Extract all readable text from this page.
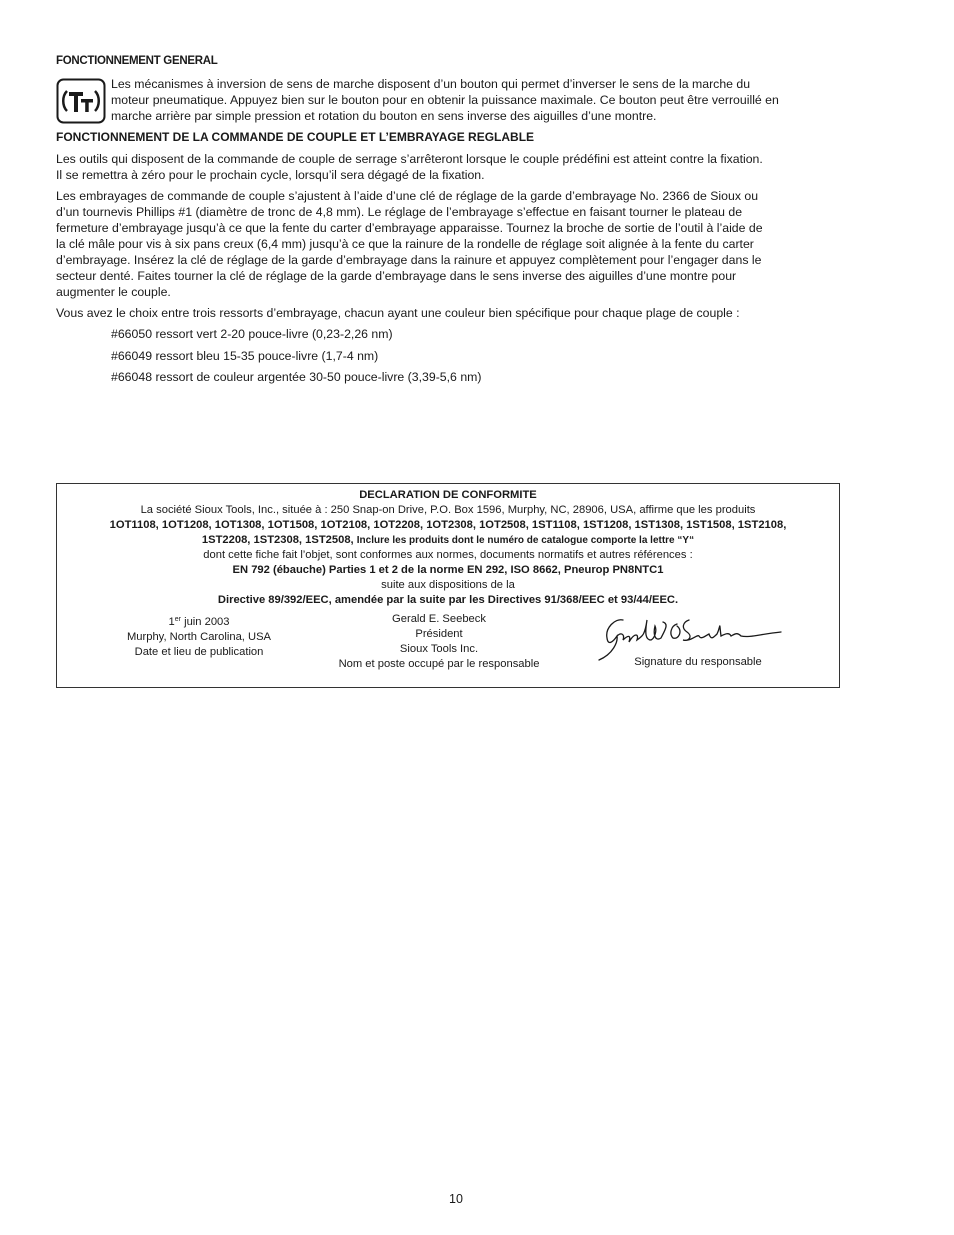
FONCTIONNEMENT GENERAL
Les mécanismes à inversion de sens de marche disposent d’un bouton qui permet d’inverser le sens de la marche du
moteur pneumatique. Appuyez bien sur le bouton pour en obtenir la puissance maximale. Ce bouton peut être verrouillé en
marche arrière par simple pression et rotation du bouton en sens inverse des aiguilles d’une montre.
FONCTIONNEMENT DE LA COMMANDE DE COUPLE ET L’EMBRAYAGE REGLABLE
Les outils qui disposent de la commande de couple de serrage s’arrêteront lorsque le couple prédéfini est atteint contre la fixation.
Il se remettra à zéro pour le prochain cycle, lorsqu’il sera dégagé de la fixation.
Les embrayages de commande de couple s’ajustent à l’aide d’une clé de réglage de la garde d’embrayage No. 2366 de Sioux ou
d’un tournevis Phillips #1 (diamètre de tronc de 4,8 mm). Le réglage de l’embrayage s’effectue en faisant tourner le plateau de
fermeture d’embrayage jusqu’à ce que la fente du carter d’embrayage apparaisse. Tournez la broche de sortie de l’outil à l’aide de
la clé mâle pour vis à six pans creux (6,4 mm) jusqu’à ce que la rainure de la rondelle de réglage soit alignée à la fente du carter
d’embrayage. Insérez la clé de réglage de la garde d’embrayage dans la rainure et appuyez complètement pour l’engager dans le
secteur denté. Faites tourner la clé de réglage de la garde d’embrayage dans le sens inverse des aiguilles d’une montre pour
augmenter le couple.
Vous avez le choix entre trois ressorts d’embrayage, chacun ayant une couleur bien spécifique pour chaque plage de couple :
#66050 ressort vert 2-20 pouce-livre (0,23-2,26 nm)
#66049 ressort bleu 15-35 pouce-livre (1,7-4 nm)
#66048 ressort de couleur argentée 30-50 pouce-livre (3,39-5,6 nm)
DECLARATION DE CONFORMITE
La société Sioux Tools, Inc., située à : 250 Snap-on Drive, P.O. Box 1596, Murphy, NC, 28906, USA, affirme que les produits
1OT1108, 1OT1208, 1OT1308, 1OT1508, 1OT2108, 1OT2208, 1OT2308, 1OT2508, 1ST1108, 1ST1208, 1ST1308, 1ST1508, 1ST2108,
1ST2208, 1ST2308, 1ST2508, Inclure les produits dont le numéro de catalogue comporte la lettre “Y“
dont cette fiche fait l’objet, sont conformes aux normes, documents normatifs et autres références :
EN 792 (ébauche) Parties 1 et 2 de la norme EN 292, ISO 8662, Pneurop PN8NTC1
suite aux dispositions de la
Directive 89/392/EEC, amendée par la suite par les Directives 91/368/EEC et 93/44/EEC.
1er juin 2003
Murphy, North Carolina, USA
Date et lieu de publication
Gerald E. Seebeck
Président
Sioux Tools Inc.
Nom et poste occupé par le responsable	Signature du responsable
10
